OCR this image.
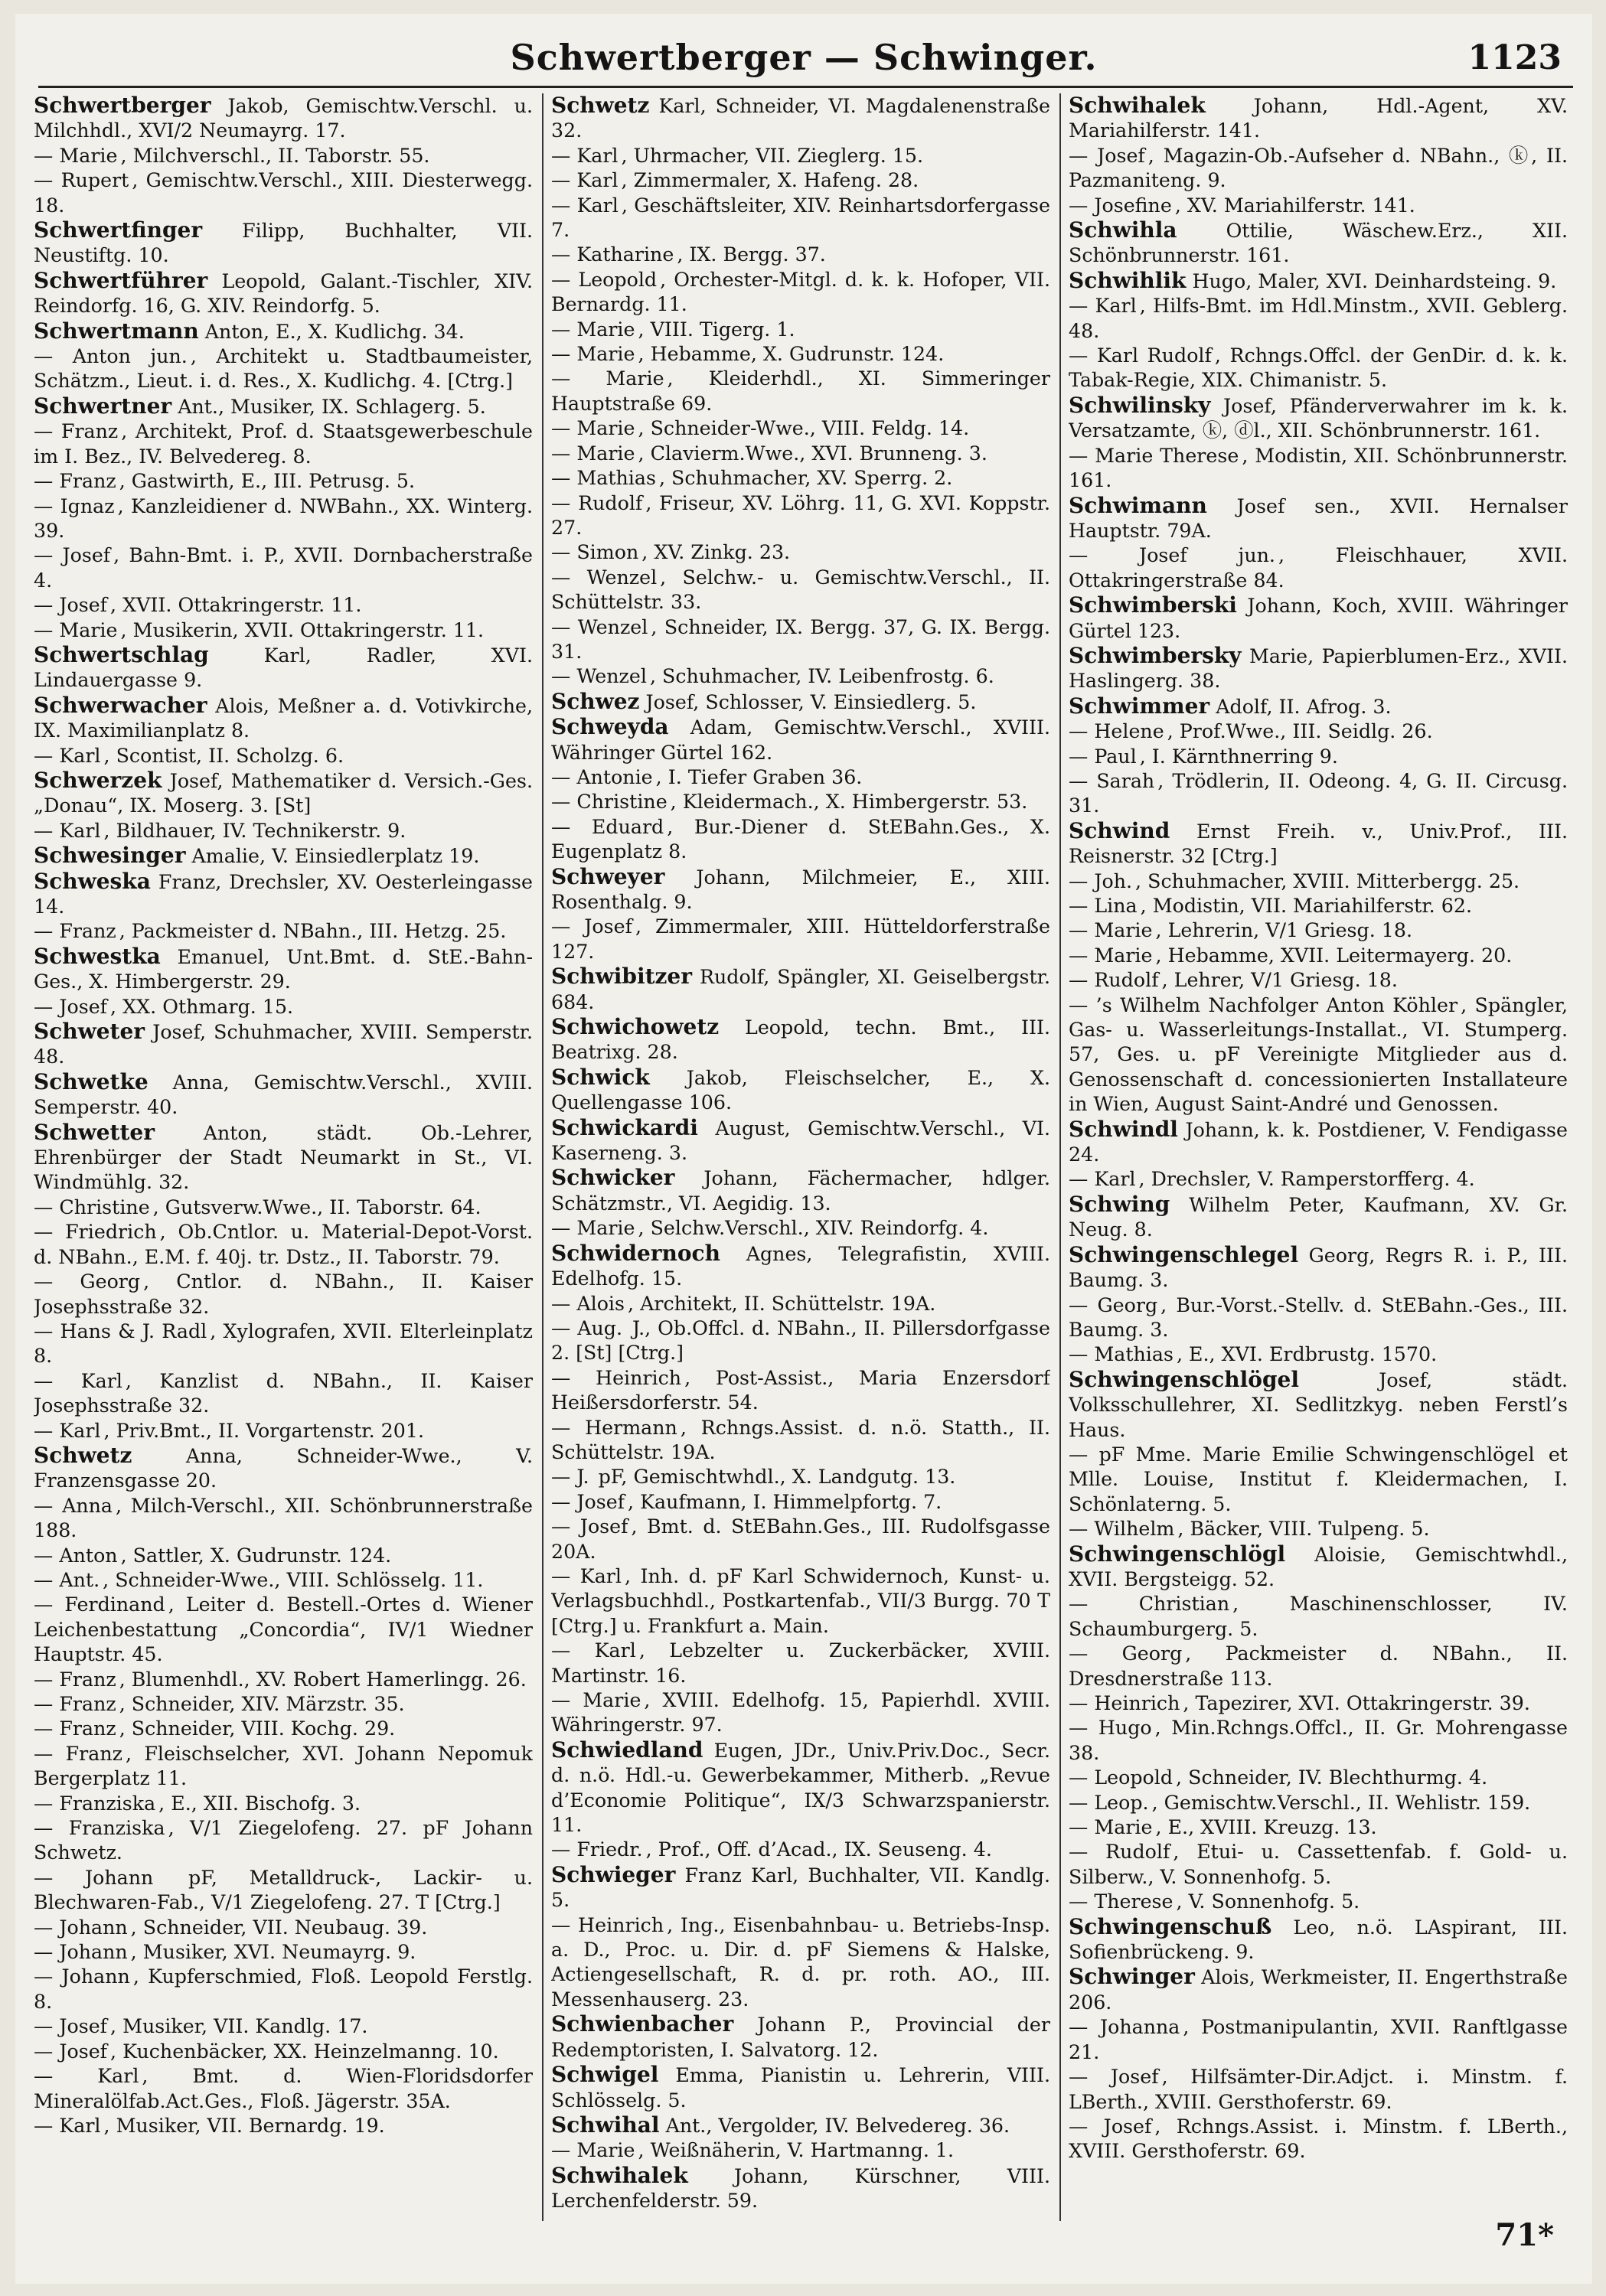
Schwertberger — Schwinger.	1123

Schwertberger Jakob, Gemischtw.Verschl. u. Milchhdl., XVI/2 Neumayrg. 17.

— Marie , Milchverschl., II. Taborstr. 55.

— Rupert , Gemischtw.Verschl., XIII. Diesterwegg. 18.

Schwertfinger Filipp, Buchhalter, VII. Neustiftg. 10.

Schwertführer Leopold, Galant.-Tischler, XIV. Reindorfg. 16, G. XIV. Reindorfg. 5.

Schwertmann Anton, E., X. Kudlichg. 34.

— Anton jun. , Architekt u. Stadtbaumeister, Schätzm., Lieut. i. d. Res., X. Kudlichg. 4. [Ctrg.]

Schwertner Ant., Musiker, IX. Schlagerg. 5.

— Franz , Architekt, Prof. d. Staatsgewerbeschule im I. Bez., IV. Belvedereg. 8.

— Franz , Gastwirth, E., III. Petrusg. 5.

— Ignaz , Kanzleidiener d. NWBahn., XX. Winterg. 39.

— Josef , Bahn-Bmt. i. P., XVII. Dornbacherstraße 4.

— Josef , XVII. Ottakringerstr. 11.

— Marie , Musikerin, XVII. Ottakringerstr. 11.

Schwertschlag	Karl, Radler, XVI. Lindauergasse 9.

Schwerwacher Alois, Meßner a. d. Votivkirche, IX. Maximilianplatz 8.

— Karl , Scontist, II. Scholzg. 6.

Schwerzek Josef, Mathematiker d. Versich.-Ges. „Donau“, IX. Moserg. 3. [St]

— Karl , Bildhauer, IV. Technikerstr. 9.

Schwesinger Amalie, V. Einsiedlerplatz 19.

Schweska Franz, Drechsler, XV. Oesterleingasse 14.

— Franz , Packmeister d. NBahn., III. Hetzg. 25.

Schwestka Emanuel, Unt.Bmt. d. StE.-Bahn-Ges., X. Himbergerstr. 29.

— Josef , XX. Othmarg. 15.

Schweter Josef, Schuhmacher, XVIII. Semperstr. 48.

Schwetke Anna, Gemischtw.Verschl., XVIII. Semperstr. 40.

Schwetter	Anton, städt. Ob.-Lehrer, Ehrenbürger der Stadt Neumarkt in St., VI. Windmühlg. 32.

— Christine , Gutsverw.Wwe., II. Taborstr. 64.

— Friedrich , Ob.Cntlor. u. Material-Depot-Vorst. d. NBahn., E.M. f. 40j. tr. Dstz., II. Taborstr. 79.

— Georg , Cntlor. d. NBahn., II. Kaiser Josephsstraße 32.

— Hans & J. Radl , Xylografen, XVII. Elterleinplatz 8.

— Karl , Kanzlist d. NBahn., II. Kaiser Josephsstraße 32.

— Karl , Priv.Bmt., II. Vorgartenstr. 201.

Schwetz	Anna, Schneider-Wwe., V. Franzensgasse 20.

— Anna , Milch-Verschl., XII. Schönbrunnerstraße 188.

— Anton , Sattler, X. Gudrunstr. 124.

— Ant. , Schneider-Wwe., VIII. Schlösselg. 11.

— Ferdinand , Leiter d. Bestell.-Ortes d. Wiener Leichenbestattung „Concordia“, IV/1 Wiedner Hauptstr. 45.

— Franz , Blumenhdl., XV. Robert Hamerlingg. 26.

— Franz , Schneider, XIV. Märzstr. 35.

— Franz , Schneider, VIII. Kochg. 29.

— Franz , Fleischselcher, XVI. Johann Nepomuk Bergerplatz 11.

— Franziska , E., XII. Bischofg. 3.

— Franziska , V/1 Ziegelofeng. 27. pF Johann Schwetz.

— Johann pF, Metalldruck-, Lackir- u. Blechwaren-Fab., V/1 Ziegelofeng. 27. T [Ctrg.]

— Johann , Schneider, VII. Neubaug. 39.

— Johann , Musiker, XVI. Neumayrg. 9.

— Johann , Kupferschmied, Floß. Leopold Ferstlg. 8.

— Josef , Musiker, VII. Kandlg. 17.

— Josef , Kuchenbäcker, XX. Heinzelmanng. 10.

— Karl , Bmt. d. Wien-Floridsdorfer Mineralölfab.Act.Ges., Floß. Jägerstr. 35A.

— Karl , Musiker, VII. Bernardg. 19.

Schwetz Karl, Schneider, VI. Magdalenenstraße 32.

— Karl , Uhrmacher, VII. Zieglerg. 15.

— Karl , Zimmermaler, X. Hafeng. 28.

— Karl , Geschäftsleiter, XIV. Reinhartsdorfergasse 7.

— Katharine , IX. Bergg. 37.

— Leopold , Orchester-Mitgl. d. k. k. Hofoper, VII. Bernardg. 11.

— Marie , VIII. Tigerg. 1.

— Marie , Hebamme, X. Gudrunstr. 124.

— Marie , Kleiderhdl., XI. Simmeringer Hauptstraße 69.

— Marie , Schneider-Wwe., VIII. Feldg. 14.

— Marie , Clavierm.Wwe., XVI. Brunneng. 3.

— Mathias , Schuhmacher, XV. Sperrg. 2.

— Rudolf , Friseur, XV. Löhrg. 11, G. XVI. Koppstr. 27.

— Simon , XV. Zinkg. 23.

— Wenzel , Selchw.- u. Gemischtw.Verschl., II. Schüttelstr. 33.

— Wenzel , Schneider, IX. Bergg. 37, G. IX. Bergg. 31.

— Wenzel , Schuhmacher, IV. Leibenfrostg. 6.

Schwez Josef, Schlosser, V. Einsiedlerg. 5.

Schweyda Adam, Gemischtw.Verschl., XVIII. Währinger Gürtel 162.

— Antonie , I. Tiefer Graben 36.

— Christine , Kleidermach., X. Himbergerstr. 53.

— Eduard , Bur.-Diener d. StEBahn.Ges., X. Eugenplatz 8.

Schweyer Johann, Milchmeier, E., XIII. Rosenthalg. 9.

— Josef , Zimmermaler, XIII. Hütteldorferstraße 127.

Schwibitzer Rudolf, Spängler, XI. Geiselbergstr. 684.

Schwichowetz Leopold, techn. Bmt., III. Beatrixg. 28.

Schwick Jakob, Fleischselcher, E., X. Quellengasse 106.

Schwickardi August, Gemischtw.Verschl., VI. Kaserneng. 3.

Schwicker Johann, Fächermacher, hdlger. Schätzmstr., VI. Aegidig. 13.

— Marie , Selchw.Verschl., XIV. Reindorfg. 4.

Schwidernoch Agnes, Telegrafistin, XVIII. Edelhofg. 15.

— Alois , Architekt, II. Schüttelstr. 19A.

— Aug. J., Ob.Offcl. d. NBahn., II. Pillersdorfgasse 2. [St] [Ctrg.]

— Heinrich , Post-Assist., Maria Enzersdorf Heißersdorferstr. 54.

— Hermann , Rchngs.Assist. d. n.ö. Statth., II. Schüttelstr. 19A.

— J. pF, Gemischtwhdl., X. Landgutg. 13.

— Josef , Kaufmann, I. Himmelpfortg. 7.

— Josef , Bmt. d. StEBahn.Ges., III. Rudolfsgasse 20A.

— Karl , Inh. d. pF Karl Schwidernoch, Kunst- u. Verlagsbuchhdl., Postkartenfab., VII/3 Burgg. 70 T [Ctrg.] u. Frankfurt a. Main.

— Karl , Lebzelter u. Zuckerbäcker, XVIII. Martinstr. 16.

— Marie , XVIII. Edelhofg. 15, Papierhdl. XVIII. Währingerstr. 97.

Schwiedland Eugen, JDr., Univ.Priv.Doc., Secr. d. n.ö. Hdl.-u. Gewerbekammer, Mitherb. „Revue d’Economie Politique“, IX/3 Schwarzspanierstr. 11.

— Friedr. , Prof., Off. d’Acad., IX. Seuseng. 4.

Schwieger Franz Karl, Buchhalter, VII. Kandlg. 5.

— Heinrich , Ing., Eisenbahnbau- u. Betriebs-Insp. a. D., Proc. u. Dir. d. pF Siemens & Halske, Actiengesellschaft, R. d. pr. roth. AO., III. Messenhauserg. 23.

Schwienbacher Johann P., Provincial der Redemptoristen, I. Salvatorg. 12.

Schwigel Emma, Pianistin u. Lehrerin, VIII. Schlösselg. 5.

Schwihal Ant., Vergolder, IV. Belvedereg. 36.

— Marie , Weißnäherin, V. Hartmanng. 1.

Schwihalek Johann, Kürschner, VIII. Lerchenfelderstr. 59.

Schwihalek Johann, Hdl.-Agent, XV. Mariahilferstr. 141.

— Josef , Magazin-Ob.-Aufseher d. NBahn., ⓚ, II. Pazmaniteng. 9.

— Josefine , XV. Mariahilferstr. 141.

Schwihla	Ottilie, Wäschew.Erz., XII. Schönbrunnerstr. 161.

Schwihlik Hugo, Maler, XVI. Deinhardsteing. 9.

— Karl , Hilfs-Bmt. im Hdl.Minstm., XVII. Geblerg. 48.

— Karl Rudolf , Rchngs.Offcl. der GenDir. d. k. k. Tabak-Regie, XIX. Chimanistr. 5.

Schwilinsky Josef, Pfänderverwahrer im k. k. Versatzamte, ⓚ, ⓓl., XII. Schönbrunnerstr. 161.

— Marie Therese , Modistin, XII. Schönbrunnerstr. 161.

Schwimann Josef sen., XVII. Hernalser Hauptstr. 79A.

— Josef jun. , Fleischhauer, XVII. Ottakringerstraße 84.

Schwimberski Johann, Koch, XVIII. Währinger Gürtel 123.

Schwimbersky Marie, Papierblumen-Erz., XVII. Haslingerg. 38.

Schwimmer Adolf, II. Afrog. 3.

— Helene , Prof.Wwe., III. Seidlg. 26.

— Paul , I. Kärnthnerring 9.

— Sarah , Trödlerin, II. Odeong. 4, G. II. Circusg. 31.

Schwind Ernst Freih. v., Univ.Prof., III. Reisnerstr. 32 [Ctrg.]

— Joh. , Schuhmacher, XVIII. Mitterbergg. 25.

— Lina , Modistin, VII. Mariahilferstr. 62.

— Marie , Lehrerin, V/1 Griesg. 18.

— Marie , Hebamme, XVII. Leitermayerg. 20.

— Rudolf , Lehrer, V/1 Griesg. 18.

— ’s Wilhelm Nachfolger Anton Köhler , Spängler, Gas- u. Wasserleitungs-Installat., VI. Stumperg. 57, Ges. u. pF Vereinigte Mitglieder aus d. Genossenschaft d. concessionierten Installateure in Wien, August Saint-André und Genossen.

Schwindl Johann, k. k. Postdiener, V. Fendigasse 24.

— Karl , Drechsler, V. Ramperstorfferg. 4.

Schwing Wilhelm Peter, Kaufmann, XV. Gr. Neug. 8.

Schwingenschlegel Georg, Regrs R. i. P., III. Baumg. 3.

— Georg , Bur.-Vorst.-Stellv. d. StEBahn.-Ges., III. Baumg. 3.

— Mathias , E., XVI. Erdbrustg. 1570.

Schwingenschlögel	Josef, städt. Volksschullehrer, XI. Sedlitzkyg. neben Ferstl’s Haus.

— pF Mme. Marie Emilie Schwingenschlögel et Mlle. Louise, Institut f. Kleidermachen, I. Schönlaterng. 5.

— Wilhelm , Bäcker, VIII. Tulpeng. 5.

Schwingenschlögl Aloisie, Gemischtwhdl., XVII. Bergsteigg. 52.

— Christian , Maschinenschlosser, IV. Schaumburgerg. 5.

— Georg , Packmeister d. NBahn., II. Dresdnerstraße 113.

— Heinrich , Tapezirer, XVI. Ottakringerstr. 39.

— Hugo , Min.Rchngs.Offcl., II. Gr. Mohrengasse 38.

— Leopold , Schneider, IV. Blechthurmg. 4.

— Leop. , Gemischtw.Verschl., II. Wehlistr. 159.

— Marie , E., XVIII. Kreuzg. 13.

— Rudolf , Etui- u. Cassettenfab. f. Gold- u. Silberw., V. Sonnenhofg. 5.

— Therese , V. Sonnenhofg. 5.

Schwingenschuß Leo, n.ö. LAspirant, III. Sofienbrückeng. 9.

Schwinger Alois, Werkmeister, II. Engerthstraße 206.

— Johanna , Postmanipulantin, XVII. Ranftlgasse 21.

— Josef , Hilfsämter-Dir.Adjct. i. Minstm. f. LBerth., XVIII. Gersthoferstr. 69.

— Josef , Rchngs.Assist. i. Minstm. f. LBerth., XVIII. Gersthoferstr. 69.

71*
